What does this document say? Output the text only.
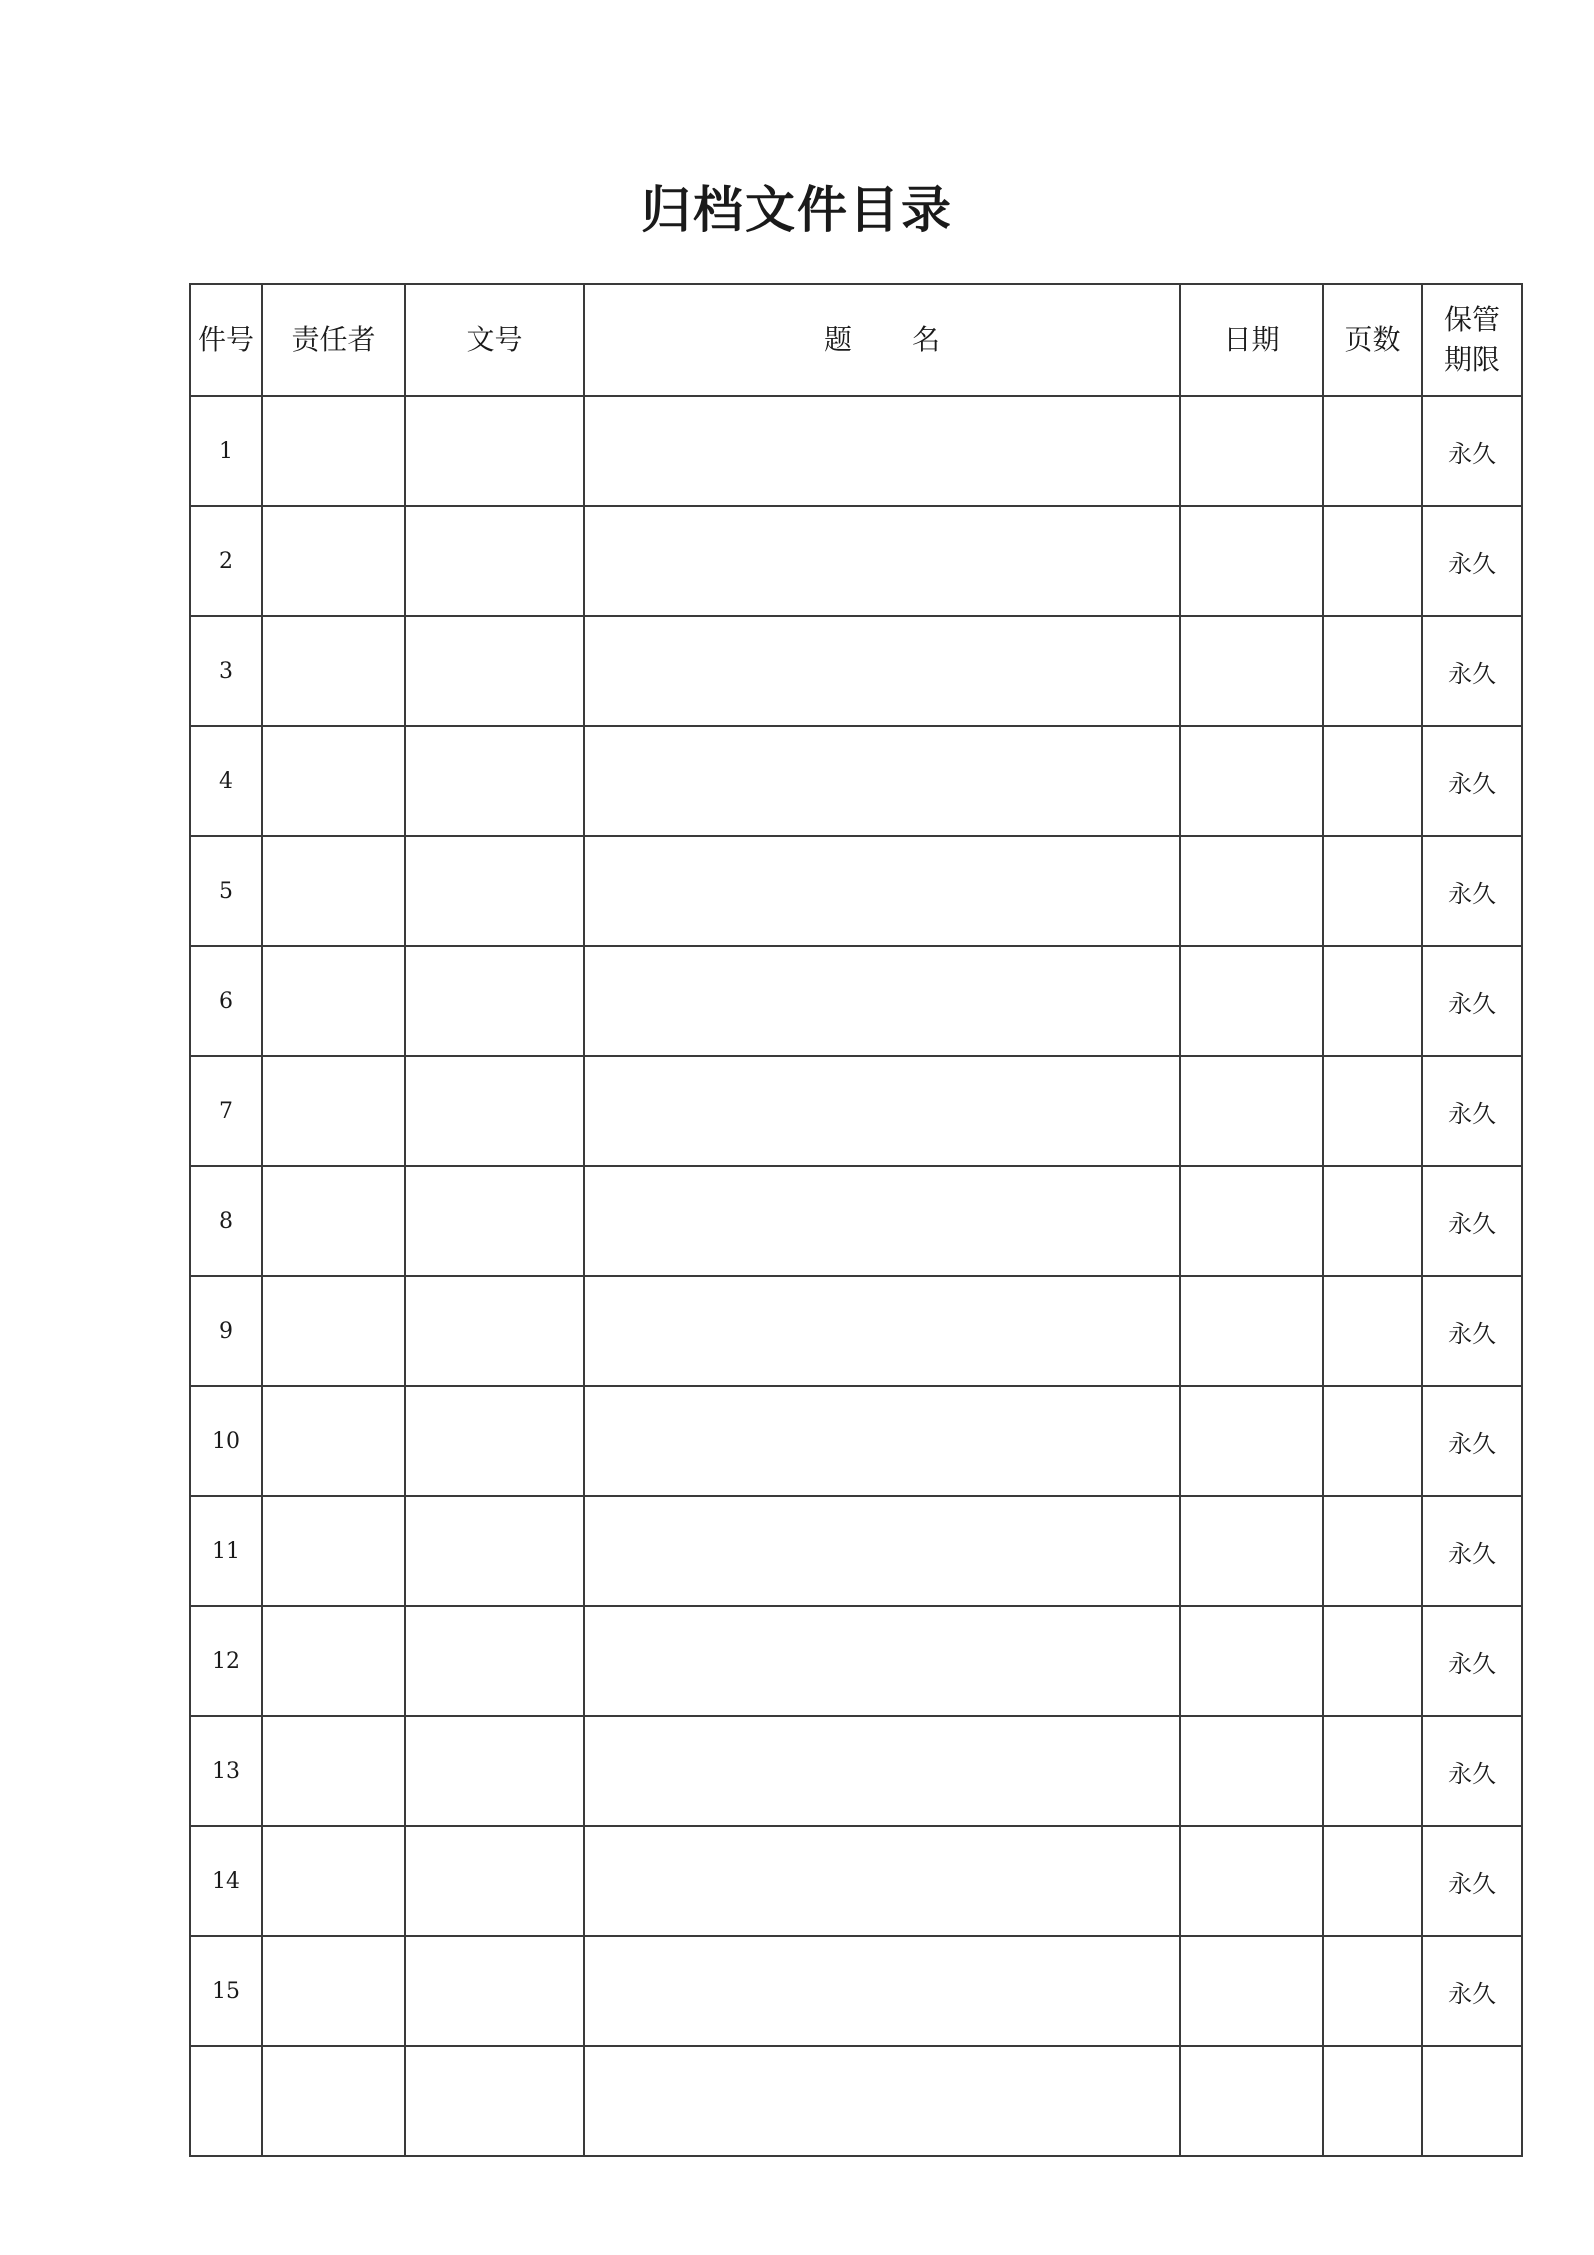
归档文件目录
件号	责任者	文号	题名	日期	页数	保管
期限

1						永久
2						永久
3						永久
4						永久
5						永久
6						永久
7						永久
8						永久
9						永久
10						永久
11						永久
12						永久
13						永久
14						永久
15						永久
